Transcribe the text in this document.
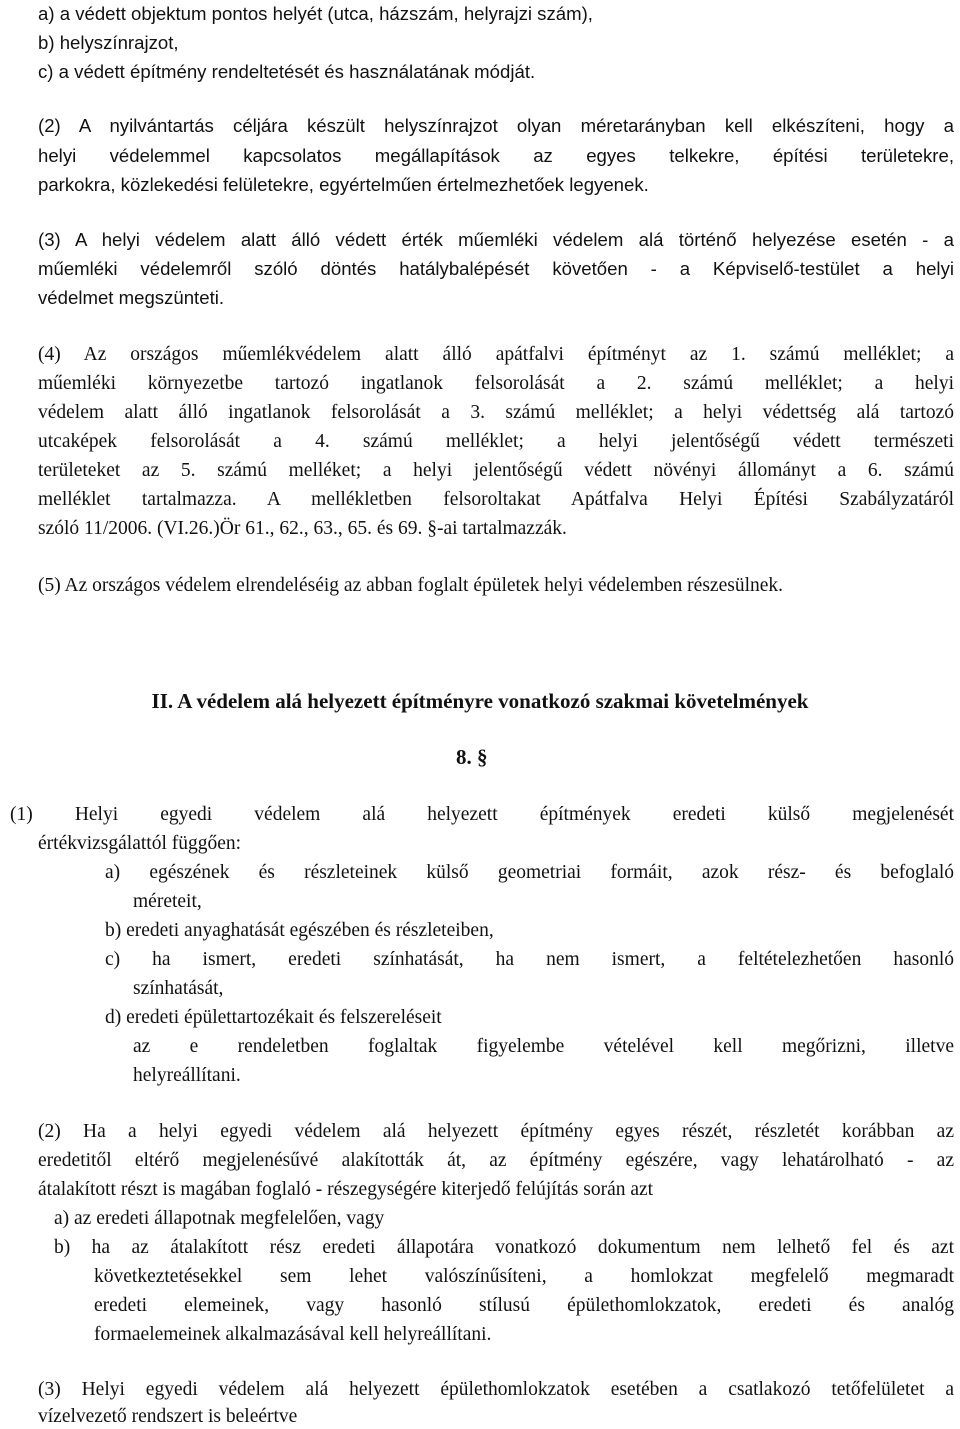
a) a védett objektum pontos helyét (utca, házszám, helyrajzi szám),
b) helyszínrajzot,
c) a védett építmény rendeltetését és használatának módját.
(2) A nyilvántartás céljára készült helyszínrajzot olyan méretarányban kell elkészíteni, hogy a
helyi védelemmel kapcsolatos megállapítások az egyes telkekre, építési területekre,
parkokra, közlekedési felületekre, egyértelműen értelmezhetőek legyenek.
(3) A helyi védelem alatt álló védett érték műemléki védelem alá történő helyezése esetén - a
műemléki védelemről szóló döntés hatálybalépését követően - a Képviselő-testület a helyi
védelmet megszünteti.
(4) Az országos műemlékvédelem alatt álló apátfalvi építményt az 1. számú melléklet; a
műemléki környezetbe tartozó ingatlanok felsorolását a 2. számú melléklet; a helyi
védelem alatt álló ingatlanok felsorolását a 3. számú melléklet; a helyi védettség alá tartozó
utcaképek felsorolását a 4. számú melléklet; a helyi jelentőségű védett természeti
területeket az 5. számú melléket; a helyi jelentőségű védett növényi állományt a 6. számú
melléklet tartalmazza. A mellékletben felsoroltakat Apátfalva Helyi Építési Szabályzatáról
szóló 11/2006. (VI.26.)Ör 61., 62., 63., 65. és 69. §-ai tartalmazzák.
(5) Az országos védelem elrendeléséig az abban foglalt épületek helyi védelemben részesülnek.
II. A védelem alá helyezett építményre vonatkozó szakmai követelmények
8. §
(1) Helyi egyedi védelem alá helyezett építmények eredeti külső megjelenését
értékvizsgálattól függően:
a) egészének és részleteinek külső geometriai formáit, azok rész- és befoglaló
méreteit,
b) eredeti anyaghatását egészében és részleteiben,
c) ha ismert, eredeti színhatását, ha nem ismert, a feltételezhetően hasonló
színhatását,
d) eredeti épülettartozékait és felszereléseit
az e rendeletben foglaltak figyelembe vételével kell megőrizni, illetve
helyreállítani.
(2) Ha a helyi egyedi védelem alá helyezett építmény egyes részét, részletét korábban az
eredetitől eltérő megjelenésűvé alakították át, az építmény egészére, vagy lehatárolható - az
átalakított részt is magában foglaló - részegységére kiterjedő felújítás során azt
a) az eredeti állapotnak megfelelően, vagy
b) ha az átalakított rész eredeti állapotára vonatkozó dokumentum nem lelhető fel és azt
következtetésekkel sem lehet valószínűsíteni, a homlokzat megfelelő megmaradt
eredeti elemeinek, vagy hasonló stílusú épülethomlokzatok, eredeti és analóg
formaelemeinek alkalmazásával kell helyreállítani.
(3) Helyi egyedi védelem alá helyezett épülethomlokzatok esetében a csatlakozó tetőfelületet a
vízelvezető rendszert is beleértve
